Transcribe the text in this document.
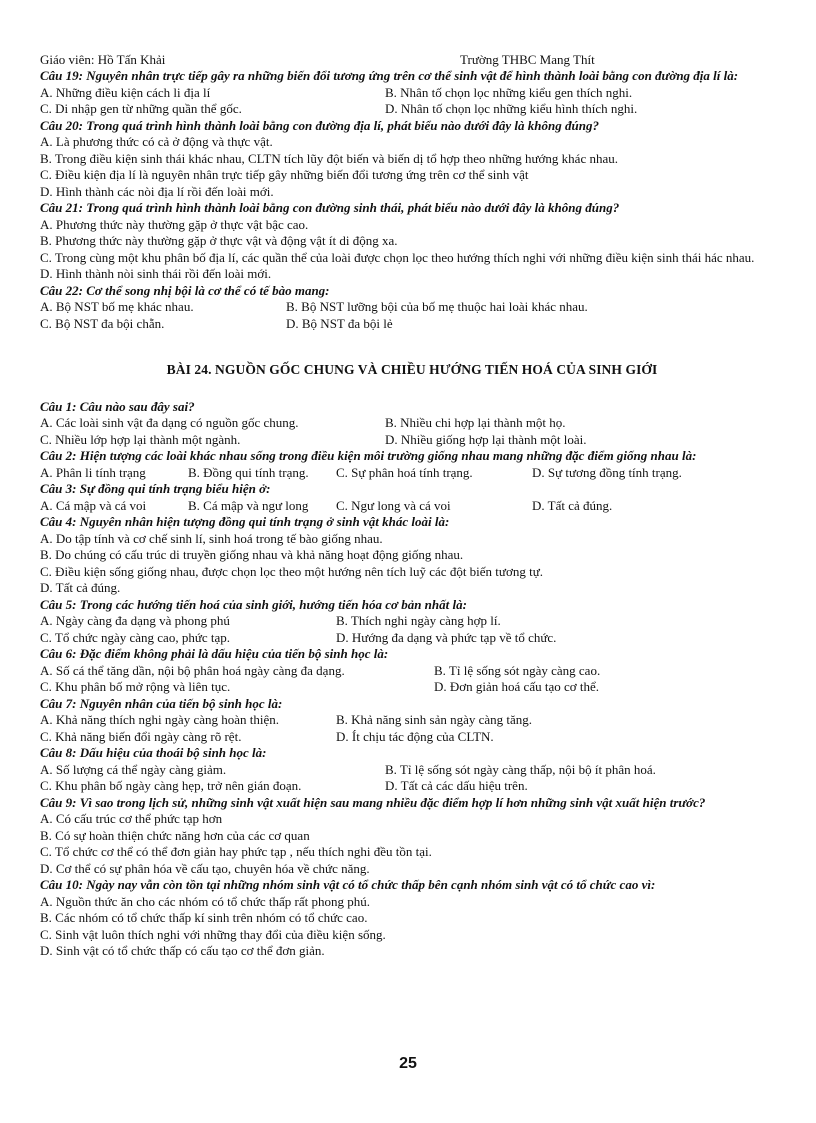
Giáo viên: Hồ Tấn Khải	Trường THBC Mang Thít
Câu 19: Nguyên nhân trực tiếp gây ra những biến đổi tương ứng trên cơ thể sinh vật để hình thành loài bằng con đường địa lí là:
A. Những điều kiện cách li địa lí	B. Nhân tố chọn lọc những kiểu gen thích nghi.
C. Di nhập gen từ những quần thể gốc.	D. Nhân tố chọn lọc những kiểu hình thích nghi.
Câu 20: Trong quá trình hình thành loài bằng con đường địa lí, phát biểu nào dưới đây là không đúng?
A. Là phương thức có cả ở động và thực vật.
B. Trong điều kiện sinh thái khác nhau, CLTN tích lũy đột biến và biến dị tổ hợp theo những hướng khác nhau.
C. Điều kiện địa lí là nguyên nhân trực tiếp gây những biến đổi tương ứng trên cơ thể sinh vật
D. Hình thành các nòi địa lí rồi đến loài mới.
Câu 21: Trong quá trình hình thành loài bằng con đường sinh thái, phát biểu nào dưới đây là không đúng?
A. Phương thức này thường gặp ở thực vật bậc cao.
B. Phương thức này thường gặp ở thực vật và động vật ít di động xa.
C. Trong cùng một khu phân bố địa lí, các quần thể của loài được chọn lọc theo hướng thích nghi với những điều kiện sinh thái hác nhau.
D. Hình thành nòi sinh thái rồi đến loài mới.
Câu 22: Cơ thể song nhị bội là cơ thể có tế bào mang:
A. Bộ NST bố mẹ khác nhau.	B. Bộ NST lưỡng bội của bố mẹ thuộc hai loài khác nhau.
C. Bộ NST đa bội chẵn.	D. Bộ NST đa bội lẻ
BÀI 24. NGUỒN GỐC CHUNG VÀ CHIỀU HƯỚNG TIẾN HOÁ CỦA SINH GIỚI
Câu 1: Câu nào sau đây sai?
A. Các loài sinh vật đa dạng có nguồn gốc chung.	B. Nhiều chi hợp lại thành một họ.
C. Nhiều lớp hợp lại thành một ngành.	D. Nhiều giống hợp lại thành một loài.
Câu 2: Hiện tượng các loài khác nhau sống trong điều kiện môi trường giống nhau mang những đặc điểm giống nhau là:
A. Phân li tính trạng	B. Đồng qui tính trạng. C. Sự phân hoá tính trạng.	D. Sự tương đồng tính trạng.
Câu 3: Sự đồng qui tính trạng biểu hiện ở:
A. Cá mập và cá voi	B. Cá mập và ngư long C. Ngư long và cá voi	D. Tất cả đúng.
Câu 4: Nguyên nhân hiện tượng đồng qui tính trạng ở sinh vật khác loài là:
A. Do tập tính và cơ chế sinh lí, sinh hoá trong tế bào giống nhau.
B. Do chúng có cấu trúc di truyền giống nhau và khả năng hoạt động giống nhau.
C. Điều kiện sống giống nhau, được chọn lọc theo một hướng nên tích luỹ các đột biến tương tự.
D. Tất cả đúng.
Câu 5: Trong các hướng tiến hoá của sinh giới, hướng tiến hóa cơ bản nhất là:
A. Ngày càng đa dạng và phong phú	B. Thích nghi ngày càng hợp lí.
C. Tổ chức ngày càng cao, phức tạp.	D. Hướng đa dạng và phức tạp về tổ chức.
Câu 6: Đặc điểm không phải là dấu hiệu của tiến bộ sinh học là:
A. Số cá thể tăng dần, nội bộ phân hoá ngày càng đa dạng.	B. Tỉ lệ sống sót ngày càng cao.
C. Khu phân bố mở rộng và liên tục.	D. Đơn giản hoá cấu tạo cơ thể.
Câu 7: Nguyên nhân của tiến bộ sinh học là:
A. Khả năng thích nghi ngày càng hoàn thiện.	B. Khả năng sinh sản ngày càng tăng.
C. Khả năng biến đổi ngày càng rõ rệt.	D. Ít chịu tác động của CLTN.
Câu 8: Dấu hiệu của thoái bộ sinh học là:
A. Số lượng cá thể ngày càng giảm.	B. Tỉ lệ sống sót ngày càng thấp, nội bộ ít phân hoá.
C. Khu phân bố ngày càng hẹp, trở nên gián đoạn.	D. Tất cả các dấu hiệu trên.
Câu 9: Vì sao trong lịch sử, những sinh vật xuất hiện sau mang nhiều đặc điểm hợp lí hơn những sinh vật xuất hiện trước?
A. Có cấu trúc cơ thể phức tạp hơn
B. Có sự hoàn thiện chức năng hơn của các cơ quan
C. Tổ chức cơ thể có thể đơn giản hay phức tạp , nếu thích nghi đều tồn tại.
D. Cơ thể có sự phân hóa về cấu tạo, chuyên hóa về chức năng.
Câu 10: Ngày nay vẫn còn tồn tại những nhóm sinh vật có tổ chức thấp bên cạnh nhóm sinh vật có tổ chức cao vì:
A. Nguồn thức ăn cho các nhóm có tổ chức thấp rất phong phú.
B. Các nhóm có tổ chức thấp kí sinh trên nhóm có tổ chức cao.
C. Sinh vật luôn thích nghi với những thay đổi của điều kiện sống.
D. Sinh vật có tổ chức thấp có cấu tạo cơ thể đơn giản.
25
